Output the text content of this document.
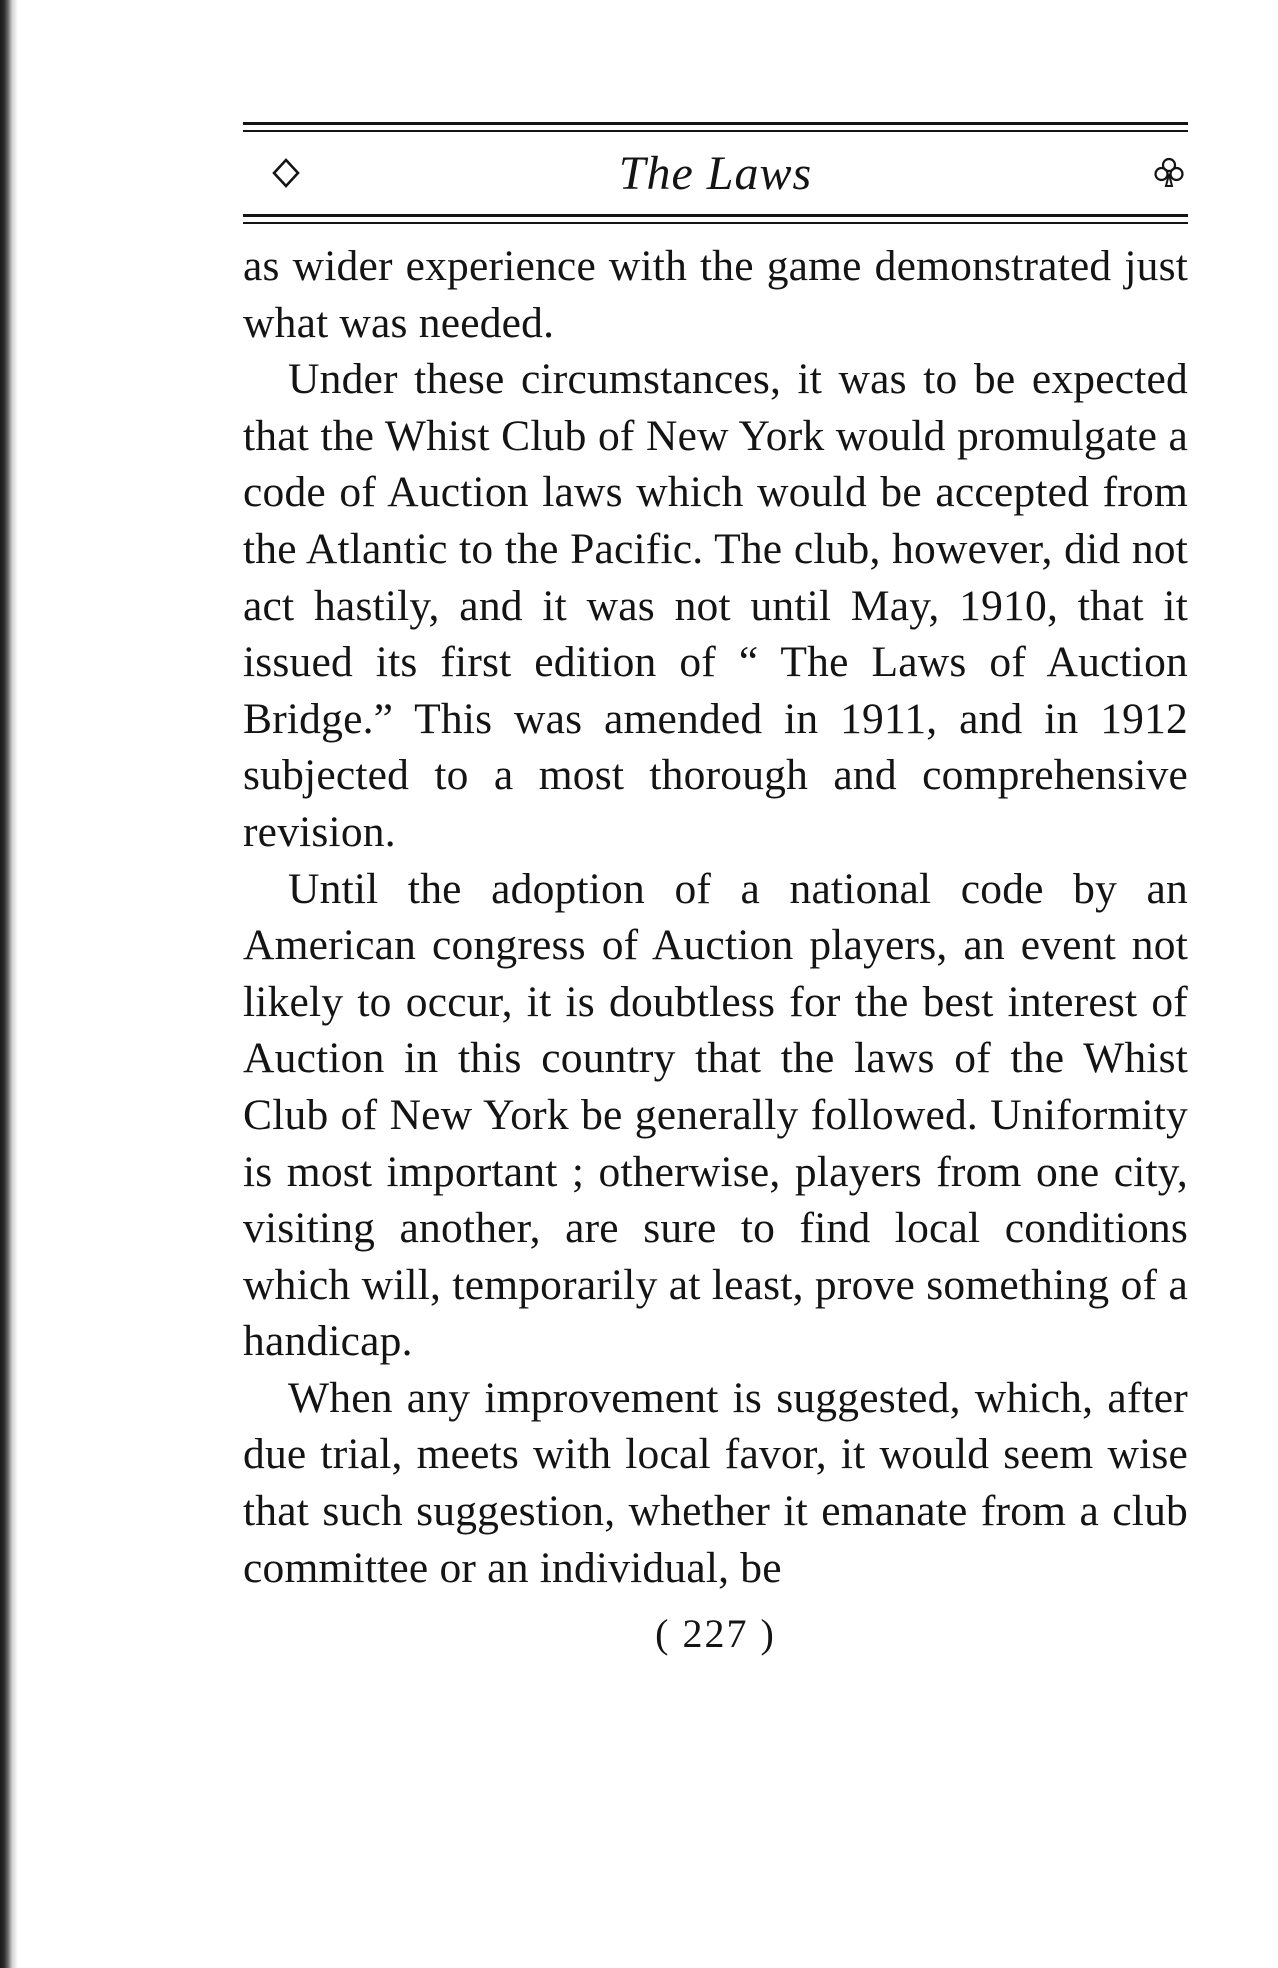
The Laws

as wider experience with the game demonstrated just what was needed.

Under these circumstances, it was to be expected that the Whist Club of New York would promulgate a code of Auction laws which would be accepted from the Atlantic to the Pacific. The club, however, did not act hastily, and it was not until May, 1910, that it issued its first edition of “ The Laws of Auction Bridge.” This was amended in 1911, and in 1912 subjected to a most thorough and comprehensive revision.

Until the adoption of a national code by an American congress of Auction players, an event not likely to occur, it is doubtless for the best interest of Auction in this country that the laws of the Whist Club of New York be generally followed. Uniformity is most important ; otherwise, players from one city, visiting another, are sure to find local conditions which will, temporarily at least, prove something of a handicap.

When any improvement is suggested, which, after due trial, meets with local favor, it would seem wise that such suggestion, whether it emanate from a club committee or an individual, be

( 227 )
